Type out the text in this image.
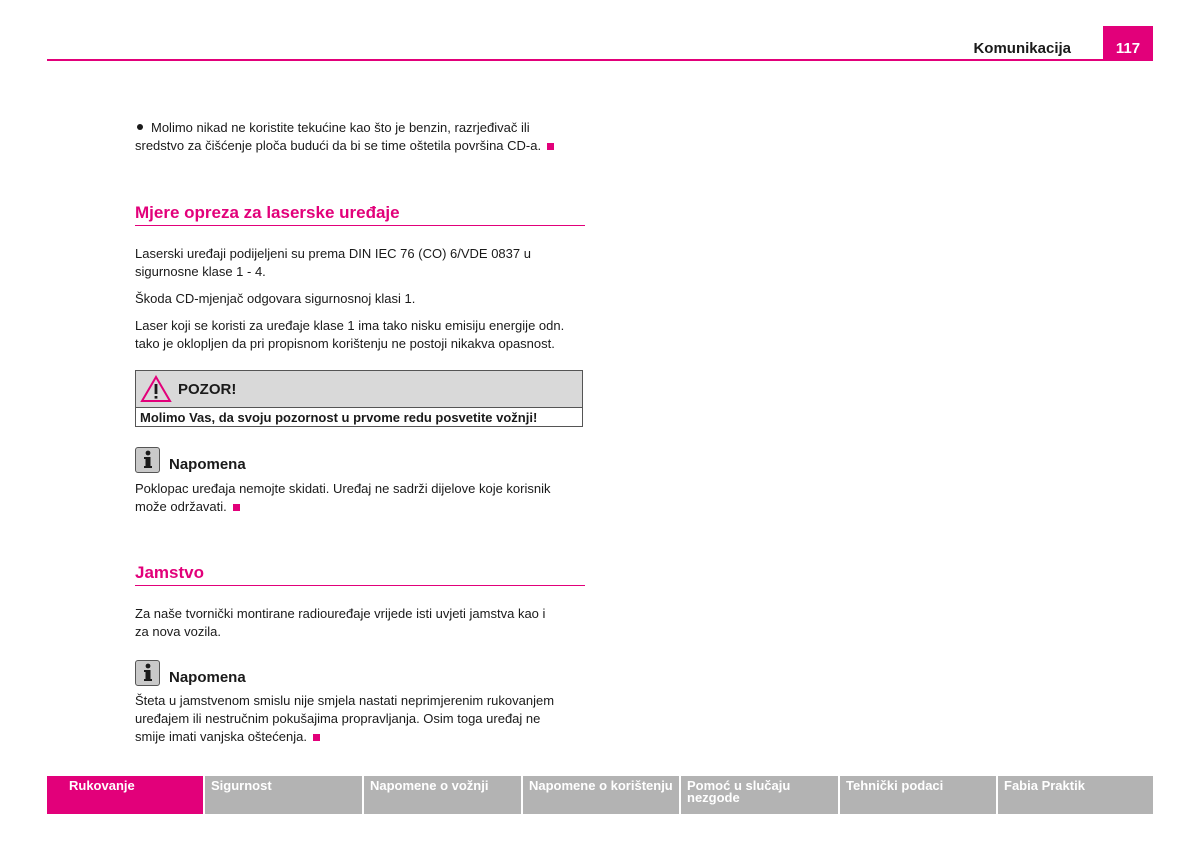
Komunikacija	117

Molimo nikad ne koristite tekućine kao što je benzin, razrjeđivač ili

sredstvo za čišćenje ploča budući da bi se time oštetila površina CD-a.

Mjere opreza za laserske uređaje

Laserski uređaji podijeljeni su prema DIN IEC 76 (CO) 6/VDE 0837 u

sigurnosne klase 1 - 4.

Škoda CD-mjenjač odgovara sigurnosnoj klasi 1.

Laser koji se koristi za uređaje klase 1 ima tako nisku emisiju energije odn.

tako je okloplјen da pri propisnom korištenju ne postoji nikakva opasnost.

POZOR!
Molimo Vas, da svoju pozornost u prvome redu posvetite vožnji!
Napomena

Poklopac uređaja nemojte skidati. Uređaj ne sadrži dijelove koje korisnik

može održavati.

Jamstvo

Za naše tvornički montirane radiouređaje vrijede isti uvjeti jamstva kao i

za nova vozila.

Napomena

Šteta u jamstvenom smislu nije smjela nastati neprimjerenim rukovanjem

uređajem ili nestručnim pokušajima propravljanja. Osim toga uređaj ne

smije imati vanjska oštećenja.

Rukovanje	Sigurnost	Napomene o vožnji	Napomene o korištenju	Pomoć u slučaju nezgode
Tehnički podaci	Fabia Praktik
